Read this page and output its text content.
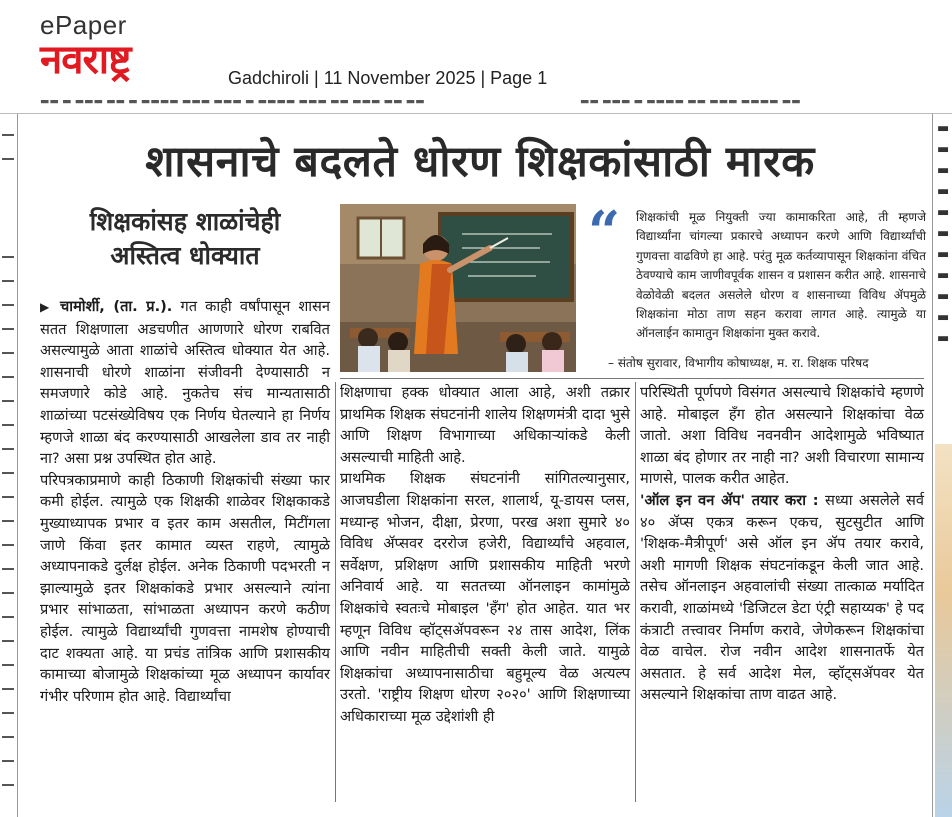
ePaper
नवराष्ट्र	Gadchiroli | 11 November 2025 | Page 1
▬▬ ▬ ▬▬▬ ▬▬ ▬ ▬▬▬▬ ▬▬▬ ▬▬▬ ▬ ▬▬▬▬ ▬▬▬ ▬▬ ▬▬▬ ▬▬ ▬▬	▬▬ ▬▬▬ ▬ ▬▬▬▬ ▬▬ ▬▬▬ ▬▬▬▬ ▬▬
▬
▬
▬
▬
▬
▬
▬
▬
▬
▬
▬
शासनाचे बदलते धोरण शिक्षकांसाठी मारक
शिक्षकांसह शाळांचेही
अस्तित्व धोक्यात	“ शिक्षकांची मूळ नियुक्ती ज्या कामाकरिता आहे, ती म्हणजे विद्यार्थ्यांना चांगल्या प्रकारचे अध्यापन करणे आणि विद्यार्थ्यांची गुणवत्ता वाढविणे हा आहे. परंतु मूळ कर्तव्यापासून शिक्षकांना वंचित ठेवण्याचे काम जाणीवपूर्वक शासन व प्रशासन करीत आहे. शासनाचे वेळोवेळी बदलत असलेले धोरण व शासनाच्या विविध ॲपमुळे शिक्षकांना मोठा ताण सहन करावा लागत आहे. त्यामुळे या ऑनलाईन कामातुन शिक्षकांना मुक्त करावे.
– संतोष सुरावार, विभागीय कोषाध्यक्ष, म. रा. शिक्षक परिषद

▶ चामोर्शी, (ता. प्र.). गत काही वर्षांपासून शासन सतत शिक्षणाला अडचणीत आणणारे धोरण राबवित असल्यामुळे आता शाळांचे अस्तित्व धोक्यात येत आहे. शासनाची धोरणे शाळांना संजीवनी देण्यासाठी न समजणारे कोडे आहे. नुकतेच संच मान्यतासाठी शाळांच्या पटसंख्येविषय एक निर्णय घेतल्याने हा निर्णय म्हणजे शाळा बंद करण्यासाठी आखलेला डाव तर नाही ना? असा प्रश्न उपस्थित होत आहे.

परिपत्रकाप्रमाणे काही ठिकाणी शिक्षकांची संख्या फार कमी होईल. त्यामुळे एक शिक्षकी शाळेवर शिक्षकाकडे मुख्याध्यापक प्रभार व इतर काम असतील, मिटींगला जाणे किंवा इतर कामात व्यस्त राहणे, त्यामुळे अध्यापनाकडे दुर्लक्ष होईल. अनेक ठिकाणी पदभरती न झाल्यामुळे इतर शिक्षकांकडे प्रभार असल्याने त्यांना प्रभार सांभाळता, सांभाळता अध्यापन करणे कठीण होईल. त्यामुळे विद्यार्थ्यांची गुणवत्ता नामशेष होण्याची दाट शक्यता आहे. या प्रचंड तांत्रिक आणि प्रशासकीय कामाच्या बोजामुळे शिक्षकांच्या मूळ अध्यापन कार्यावर गंभीर परिणाम होत आहे. विद्यार्थ्यांचा

शिक्षणाचा हक्क धोक्यात आला आहे, अशी तक्रार प्राथमिक शिक्षक संघटनांनी शालेय शिक्षणमंत्री दादा भुसे आणि शिक्षण विभागाच्या अधिकाऱ्यांकडे केली असल्याची माहिती आहे.

प्राथमिक शिक्षक संघटनांनी सांगितल्यानुसार, आजघडीला शिक्षकांना सरल, शालार्थ, यू-डायस प्लस, मध्यान्ह भोजन, दीक्षा, प्रेरणा, परख अशा सुमारे ४० विविध ॲप्सवर दररोज हजेरी, विद्यार्थ्यांचे अहवाल, सर्वेक्षण, प्रशिक्षण आणि प्रशासकीय माहिती भरणे अनिवार्य आहे. या सततच्या ऑनलाइन कामांमुळे शिक्षकांचे स्वतःचे मोबाइल 'हँग' होत आहेत. यात भर म्हणून विविध व्हॉट्सॲपवरून २४ तास आदेश, लिंक आणि नवीन माहितीची सक्ती केली जाते. यामुळे शिक्षकांचा अध्यापनासाठीचा बहुमूल्य वेळ अत्यल्प उरतो. 'राष्ट्रीय शिक्षण धोरण २०२०' आणि शिक्षणाच्या अधिकाराच्या मूळ उद्देशांशी ही

परिस्थिती पूर्णपणे विसंगत असल्याचे शिक्षकांचे म्हणणे आहे. मोबाइल हँग होत असल्याने शिक्षकांचा वेळ जातो. अशा विविध नवनवीन आदेशामुळे भविष्यात शाळा बंद होणार तर नाही ना? अशी विचारणा सामान्य माणसे, पालक करीत आहेत.

'ऑल इन वन ॲप' तयार करा : सध्या असलेले सर्व ४० ॲप्स एकत्र करून एकच, सुटसुटीत आणि 'शिक्षक-मैत्रीपूर्ण' असे ऑल इन ॲप तयार करावे, अशी मागणी शिक्षक संघटनांकडून केली जात आहे. तसेच ऑनलाइन अहवालांची संख्या तात्काळ मर्यादित करावी, शाळांमध्ये 'डिजिटल डेटा एंट्री सहाय्यक' हे पद कंत्राटी तत्त्वावर निर्माण करावे, जेणेकरून शिक्षकांचा वेळ वाचेल. रोज नवीन आदेश शासनातर्फे येत असतात. हे सर्व आदेश मेल, व्हॉट्सॲपवर येत असल्याने शिक्षकांचा ताण वाढत आहे.
